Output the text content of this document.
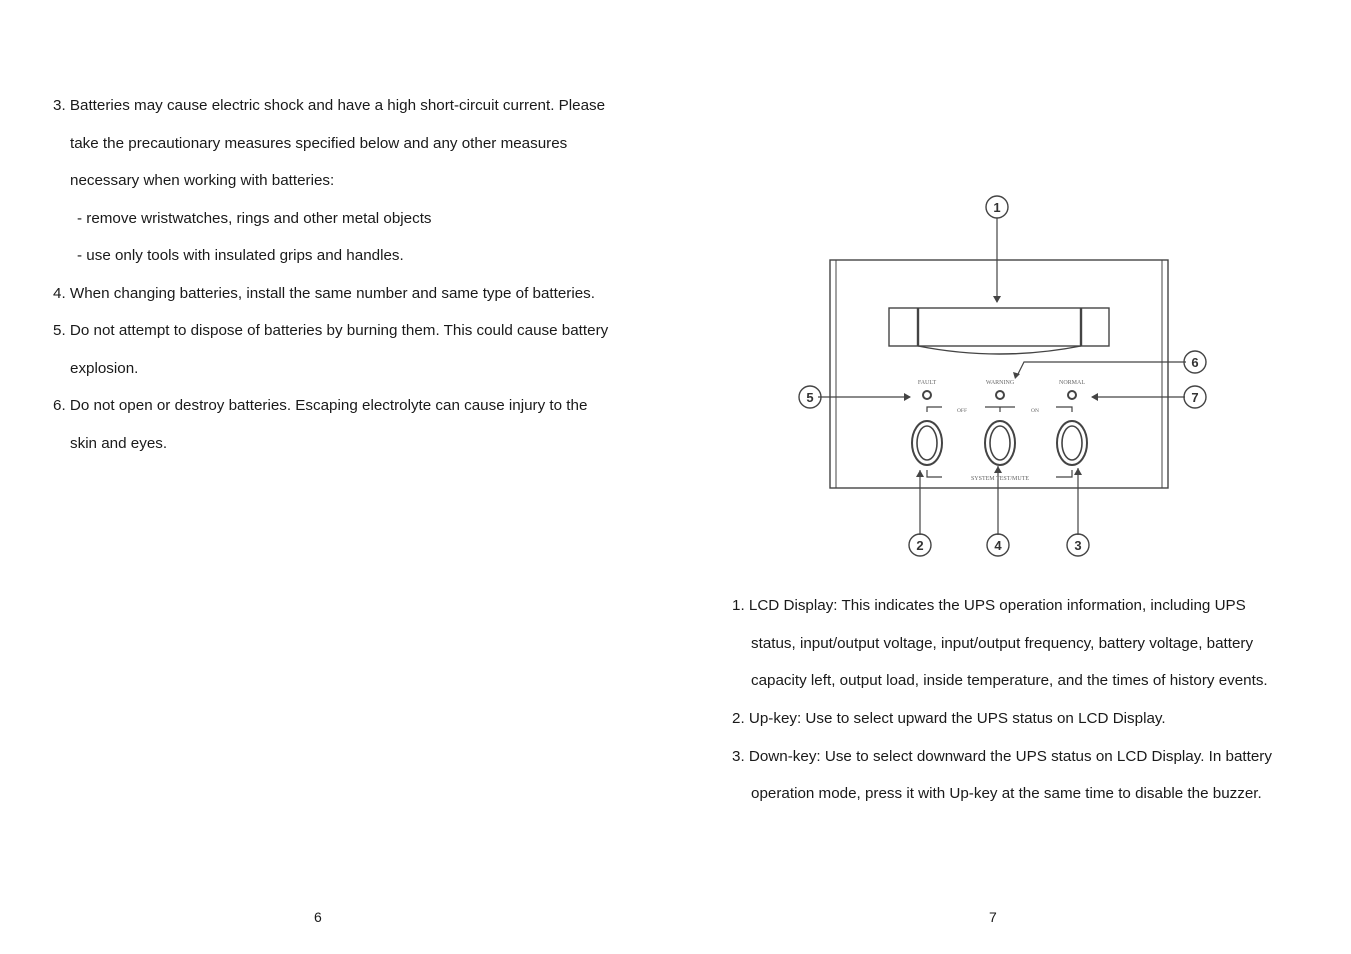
3. Batteries may cause electric shock and have a high short-circuit current. Please
take the precautionary measures specified below and any other measures
necessary when working with batteries:
- remove wristwatches, rings and other metal objects
- use only tools with insulated grips and handles.
4. When changing batteries, install the same number and same type of batteries.
5. Do not attempt to dispose of batteries by burning them. This could cause battery
explosion.
6. Do not open or destroy batteries. Escaping electrolyte can cause injury to the
skin and eyes.
6
1
2	3
4
5
6
7
FAULT	WARNING	NORMAL
OFF	ON
SYSTEM TEST/MUTE
1. LCD Display: This indicates the UPS operation information, including UPS
status, input/output voltage, input/output frequency, battery voltage, battery
capacity left, output load, inside temperature, and the times of history events.
2. Up-key: Use to select upward the UPS status on LCD Display.
3. Down-key: Use to select downward the UPS status on LCD Display. In battery
operation mode, press it with Up-key at the same time to disable the buzzer.
7
